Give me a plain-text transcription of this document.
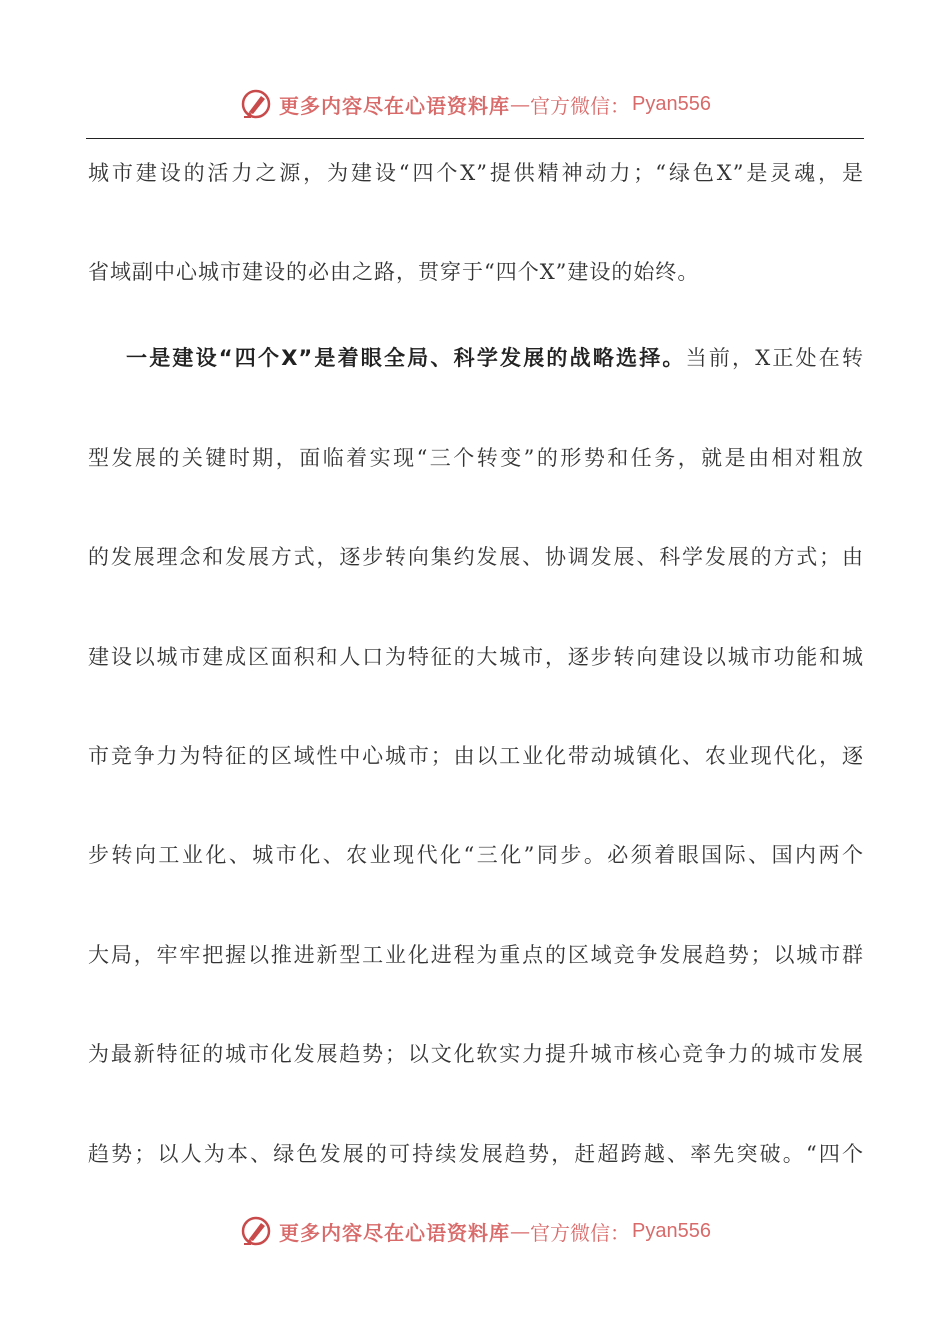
更多内容尽在心语资料库 — 官方微信： Pyan556
城市建设的活力之源，为建设“四个X”提供精神动力；“绿色X”是灵魂，是
省域副中心城市建设的必由之路，贯穿于“四个X”建设的始终。
一是建设“四个X”是着眼全局、科学发展的战略选择。当前，X正处在转
型发展的关键时期，面临着实现“三个转变”的形势和任务，就是由相对粗放
的发展理念和发展方式，逐步转向集约发展、协调发展、科学发展的方式；由
建设以城市建成区面积和人口为特征的大城市，逐步转向建设以城市功能和城
市竞争力为特征的区域性中心城市；由以工业化带动城镇化、农业现代化，逐
步转向工业化、城市化、农业现代化“三化”同步。必须着眼国际、国内两个
大局，牢牢把握以推进新型工业化进程为重点的区域竞争发展趋势；以城市群
为最新特征的城市化发展趋势；以文化软实力提升城市核心竞争力的城市发展
趋势；以人为本、绿色发展的可持续发展趋势，赶超跨越、率先突破。“四个
更多内容尽在心语资料库 — 官方微信： Pyan556
